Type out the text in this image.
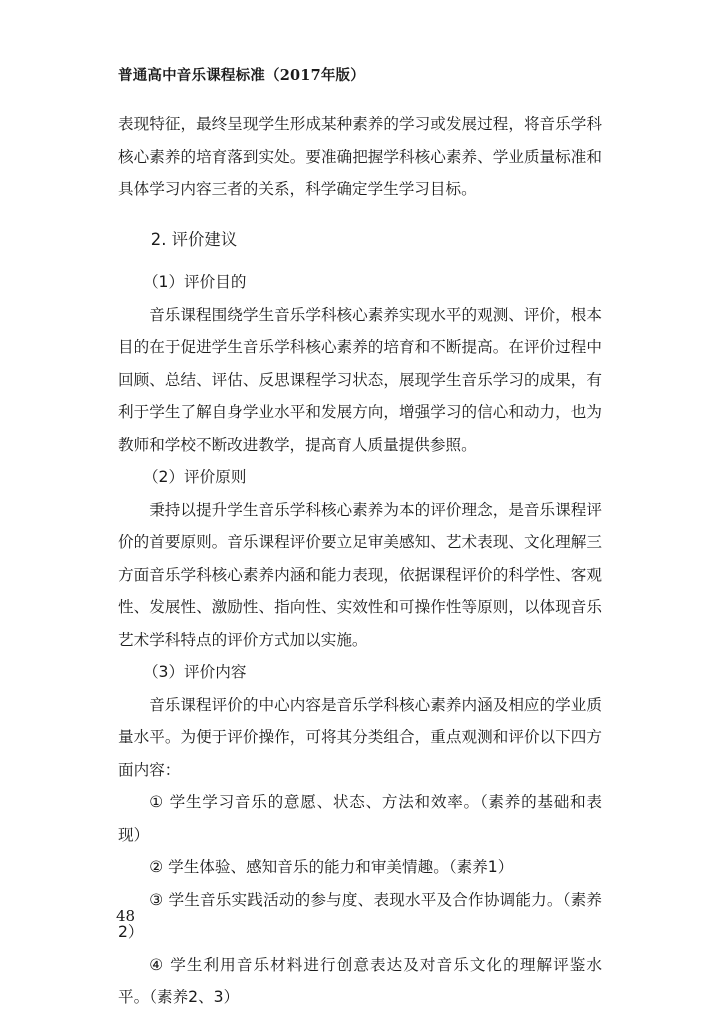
普通高中音乐课程标准（2017年版）

表现特征，最终呈现学生形成某种素养的学习或发展过程，将音乐学科核心素养的培育落到实处。要准确把握学科核心素养、学业质量标准和具体学习内容三者的关系，科学确定学生学习目标。

2. 评价建议

（1）评价目的

音乐课程围绕学生音乐学科核心素养实现水平的观测、评价，根本目的在于促进学生音乐学科核心素养的培育和不断提高。在评价过程中回顾、总结、评估、反思课程学习状态，展现学生音乐学习的成果，有利于学生了解自身学业水平和发展方向，增强学习的信心和动力，也为教师和学校不断改进教学，提高育人质量提供参照。

（2）评价原则

秉持以提升学生音乐学科核心素养为本的评价理念，是音乐课程评价的首要原则。音乐课程评价要立足审美感知、艺术表现、文化理解三方面音乐学科核心素养内涵和能力表现，依据课程评价的科学性、客观性、发展性、激励性、指向性、实效性和可操作性等原则，以体现音乐艺术学科特点的评价方式加以实施。

（3）评价内容

音乐课程评价的中心内容是音乐学科核心素养内涵及相应的学业质量水平。为便于评价操作，可将其分类组合，重点观测和评价以下四方面内容：

① 学生学习音乐的意愿、状态、方法和效率。（素养的基础和表现）

② 学生体验、感知音乐的能力和审美情趣。（素养1）

③ 学生音乐实践活动的参与度、表现水平及合作协调能力。（素养2）

④ 学生利用音乐材料进行创意表达及对音乐文化的理解评鉴水平。（素养2、3）

48
